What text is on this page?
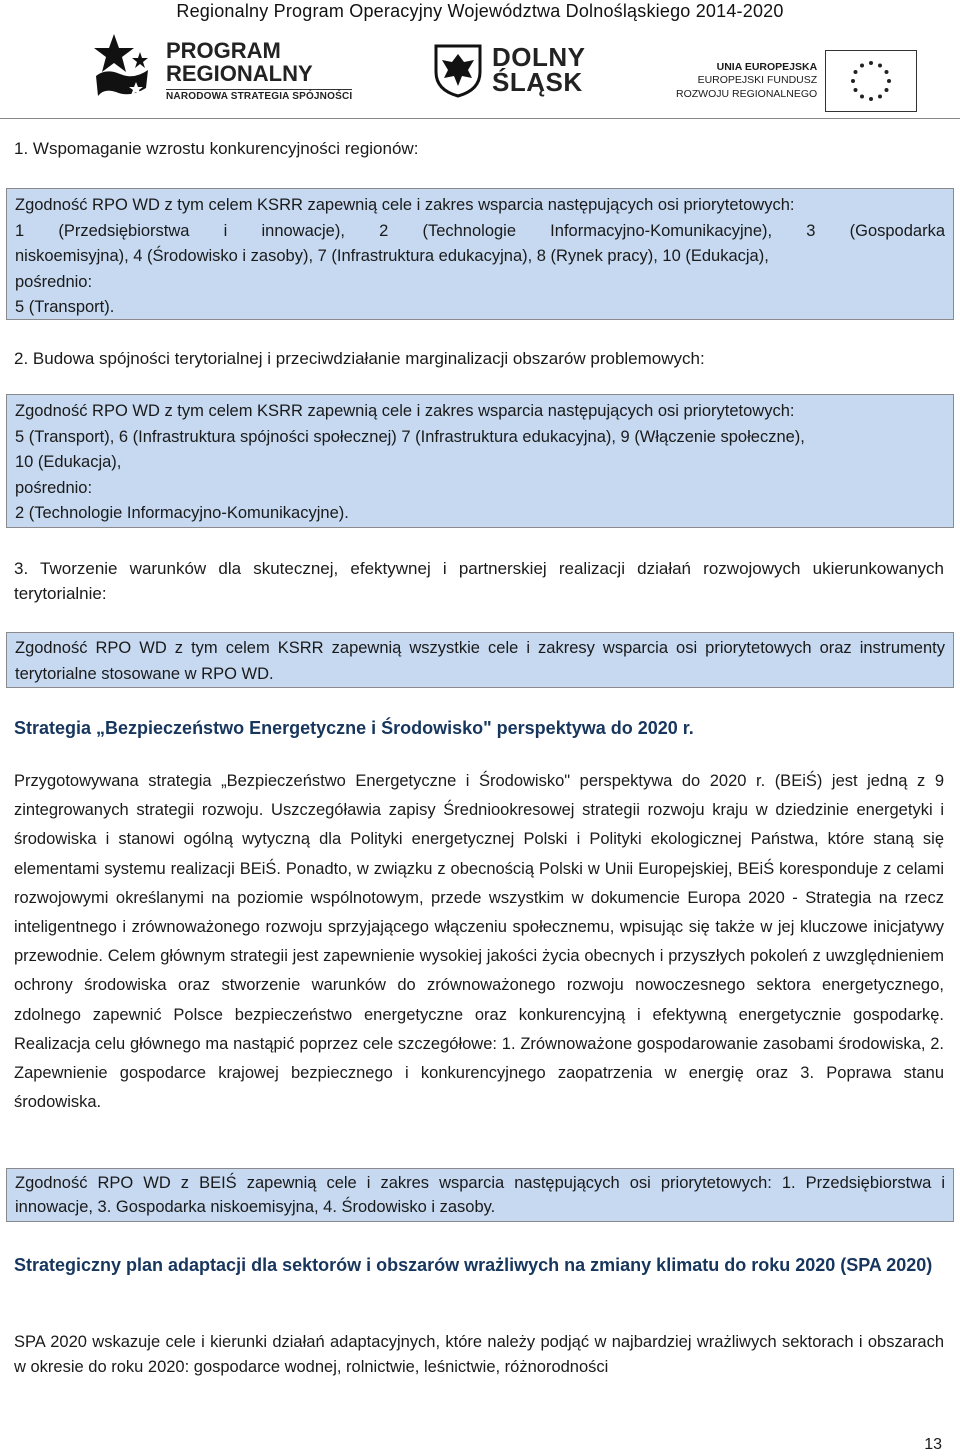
Regionalny Program Operacyjny Województwa Dolnośląskiego 2014-2020
PROGRAM
REGIONALNY
NARODOWA STRATEGIA SPÓJNOŚCI
DOLNY
ŚLĄSK	UNIA EUROPEJSKA
EUROPEJSKI FUNDUSZ
ROZWOJU REGIONALNEGO
1. Wspomaganie wzrostu konkurencyjności regionów:
Zgodność RPO WD z tym celem KSRR zapewnią cele i zakres wsparcia następujących osi priorytetowych:
1 (Przedsiębiorstwa i innowacje), 2 (Technologie Informacyjno-Komunikacyjne), 3 (Gospodarka
niskoemisyjna), 4 (Środowisko i zasoby), 7 (Infrastruktura edukacyjna), 8 (Rynek pracy), 10 (Edukacja),
pośrednio:
5 (Transport).
2. Budowa spójności terytorialnej i przeciwdziałanie marginalizacji obszarów problemowych:
Zgodność RPO WD z tym celem KSRR zapewnią cele i zakres wsparcia następujących osi priorytetowych:
5 (Transport), 6 (Infrastruktura spójności społecznej) 7 (Infrastruktura edukacyjna), 9 (Włączenie społeczne),
10 (Edukacja),
pośrednio:
2 (Technologie Informacyjno-Komunikacyjne).
3. Tworzenie warunków dla skutecznej, efektywnej i partnerskiej realizacji działań rozwojowych ukierunkowanych terytorialnie:
Zgodność RPO WD z tym celem KSRR zapewnią wszystkie cele i zakresy wsparcia osi priorytetowych oraz instrumenty terytorialne stosowane w RPO WD.
Strategia „Bezpieczeństwo Energetyczne i Środowisko" perspektywa do 2020 r.
Przygotowywana strategia „Bezpieczeństwo Energetyczne i Środowisko" perspektywa do 2020 r. (BEiŚ) jest jedną z 9 zintegrowanych strategii rozwoju. Uszczegóławia zapisy Średniookresowej strategii rozwoju kraju w dziedzinie energetyki i środowiska i stanowi ogólną wytyczną dla Polityki energetycznej Polski i Polityki ekologicznej Państwa, które staną się elementami systemu realizacji BEiŚ. Ponadto, w związku z obecnością Polski w Unii Europejskiej, BEiŚ koresponduje z celami rozwojowymi określanymi na poziomie wspólnotowym, przede wszystkim w dokumencie Europa 2020 - Strategia na rzecz inteligentnego i zrównoważonego rozwoju sprzyjającego włączeniu społecznemu, wpisując się także w jej kluczowe inicjatywy przewodnie. Celem głównym strategii jest zapewnienie wysokiej jakości życia obecnych i przyszłych pokoleń z uwzględnieniem ochrony środowiska oraz stworzenie warunków do zrównoważonego rozwoju nowoczesnego sektora energetycznego, zdolnego zapewnić Polsce bezpieczeństwo energetyczne oraz konkurencyjną i efektywną energetycznie gospodarkę. Realizacja celu głównego ma nastąpić poprzez cele szczegółowe: 1. Zrównoważone gospodarowanie zasobami środowiska, 2. Zapewnienie gospodarce krajowej bezpiecznego i konkurencyjnego zaopatrzenia w energię oraz 3. Poprawa stanu środowiska.
Zgodność RPO WD z BEIŚ zapewnią cele i zakres wsparcia następujących osi priorytetowych: 1. Przedsiębiorstwa i innowacje, 3. Gospodarka niskoemisyjna, 4. Środowisko i zasoby.
Strategiczny plan adaptacji dla sektorów i obszarów wrażliwych na zmiany klimatu do roku 2020 (SPA 2020)
SPA 2020 wskazuje cele i kierunki działań adaptacyjnych, które należy podjąć w najbardziej wrażliwych sektorach i obszarach w okresie do roku 2020: gospodarce wodnej, rolnictwie, leśnictwie, różnorodności
13
